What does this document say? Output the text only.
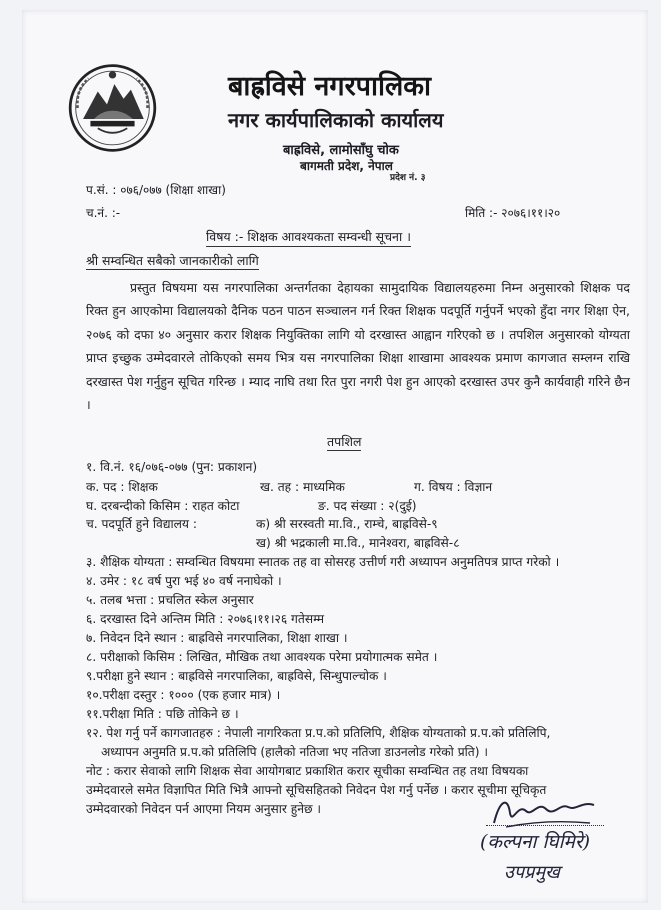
बाह्रविसे नगरपालिका
नगर कार्यपालिकाको कार्यालय
बाह्रविसे, लामोसाँघु चोक
बागमती प्रदेश, नेपाल
प्रदेश नं. ३
प.सं. : ०७६/०७७ (शिक्षा शाखा)
च.नं. :-	मिति :- २०७६।११।२०
विषय :- शिक्षक आवश्यकता सम्वन्धी सूचना ।
श्री सम्वन्धित सबैको जानकारीको लागि
प्रस्तुत विषयमा यस नगरपालिका अन्तर्गतका देहायका सामुदायिक विद्यालयहरुमा निम्न अनुसारको शिक्षक पद रिक्त हुन आएकोमा विद्यालयको दैनिक पठन पाठन सञ्चालन गर्न रिक्त शिक्षक पदपूर्ति गर्नुपर्ने भएको हुँदा नगर शिक्षा ऐन, २०७६ को दफा ४० अनुसार करार शिक्षक नियुक्तिका लागि यो दरखास्त आह्वान गरिएको छ । तपशिल अनुसारको योग्यता प्राप्त इच्छुक उम्मेदवारले तोकिएको समय भित्र यस नगरपालिका शिक्षा शाखामा आवश्यक प्रमाण कागजात सम्लग्न राखि दरखास्त पेश गर्नुहुन सूचित गरिन्छ । म्याद नाघि तथा रित पुरा नगरी पेश हुन आएको दरखास्त उपर कुनै कार्यवाही गरिने छैन ।
तपशिल
१. वि.नं. १६/०७६-०७७ (पुन: प्रकाशन)
क. पद : शिक्षक	ख. तह : माध्यमिक	ग. विषय : विज्ञान
घ. दरबन्दीको किसिम : राहत कोटा	ङ. पद संख्या : २(दुई)
च. पदपूर्ति हुने विद्यालय :	क) श्री सरस्वती मा.वि., राम्चे, बाह्रविसे-९
ख) श्री भद्रकाली मा.वि., मानेश्वरा, बाह्रविसे-८
३. शैक्षिक योग्यता : सम्वन्धित विषयमा स्नातक तह वा सोसरह उत्तीर्ण गरी अध्यापन अनुमतिपत्र प्राप्त गरेको ।
४. उमेर : १८ वर्ष पुरा भई ४० वर्ष ननाघेको ।
५. तलब भत्ता : प्रचलित स्केल अनुसार
६. दरखास्त दिने अन्तिम मिति : २०७६।११।२६ गतेसम्म
७. निवेदन दिने स्थान : बाह्रविसे नगरपालिका, शिक्षा शाखा ।
८. परीक्षाको किसिम : लिखित, मौखिक तथा आवश्यक परेमा प्रयोगात्मक समेत ।
९.परीक्षा हुने स्थान : बाह्रविसे नगरपालिका, बाह्रविसे, सिन्धुपाल्चोक ।
१०.परीक्षा दस्तुर : १००० (एक हजार मात्र) ।
११.परीक्षा मिति : पछि तोकिने छ ।
१२. पेश गर्नु पर्ने कागजातहरु : नेपाली नागरिकता प्र.प.को प्रतिलिपि, शैक्षिक योग्यताको प्र.प.को प्रतिलिपि,
अध्यापन अनुमति प्र.प.को प्रतिलिपि (हालैको नतिजा भए नतिजा डाउनलोड गरेको प्रति) ।
नोट : करार सेवाको लागि शिक्षक सेवा आयोगबाट प्रकाशित करार सूचीका सम्वन्धित तह तथा विषयका
उम्मेदवारले समेत विज्ञापित मिति भित्रै आफ्नो सूचिसहितको निवेदन पेश गर्नु पर्नेछ । करार सूचीमा सूचिकृत
उम्मेदवारको निवेदन पर्न आएमा नियम अनुसार हुनेछ ।
(कल्पना घिमिरे)
उपप्रमुख
